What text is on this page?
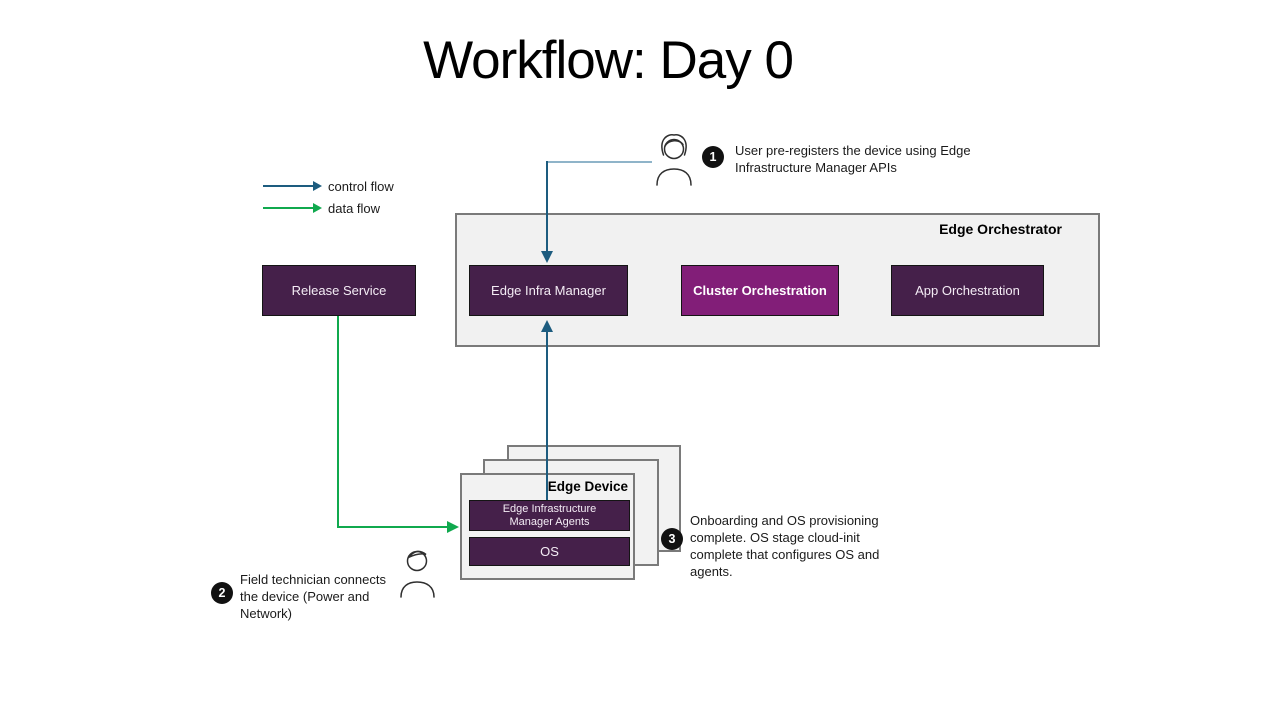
Workflow: Day 0
control flow
data flow
Release Service
Edge Orchestrator
Edge Infra Manager	Cluster Orchestration	App Orchestration
Edge Device
Edge Infrastructure
Manager Agents
OS
1
2
3
User pre-registers the device using Edge
Infrastructure Manager APIs
Field technician connects
the device (Power and
Network)
Onboarding and OS provisioning
complete. OS stage cloud-init
complete that configures OS and
agents.
